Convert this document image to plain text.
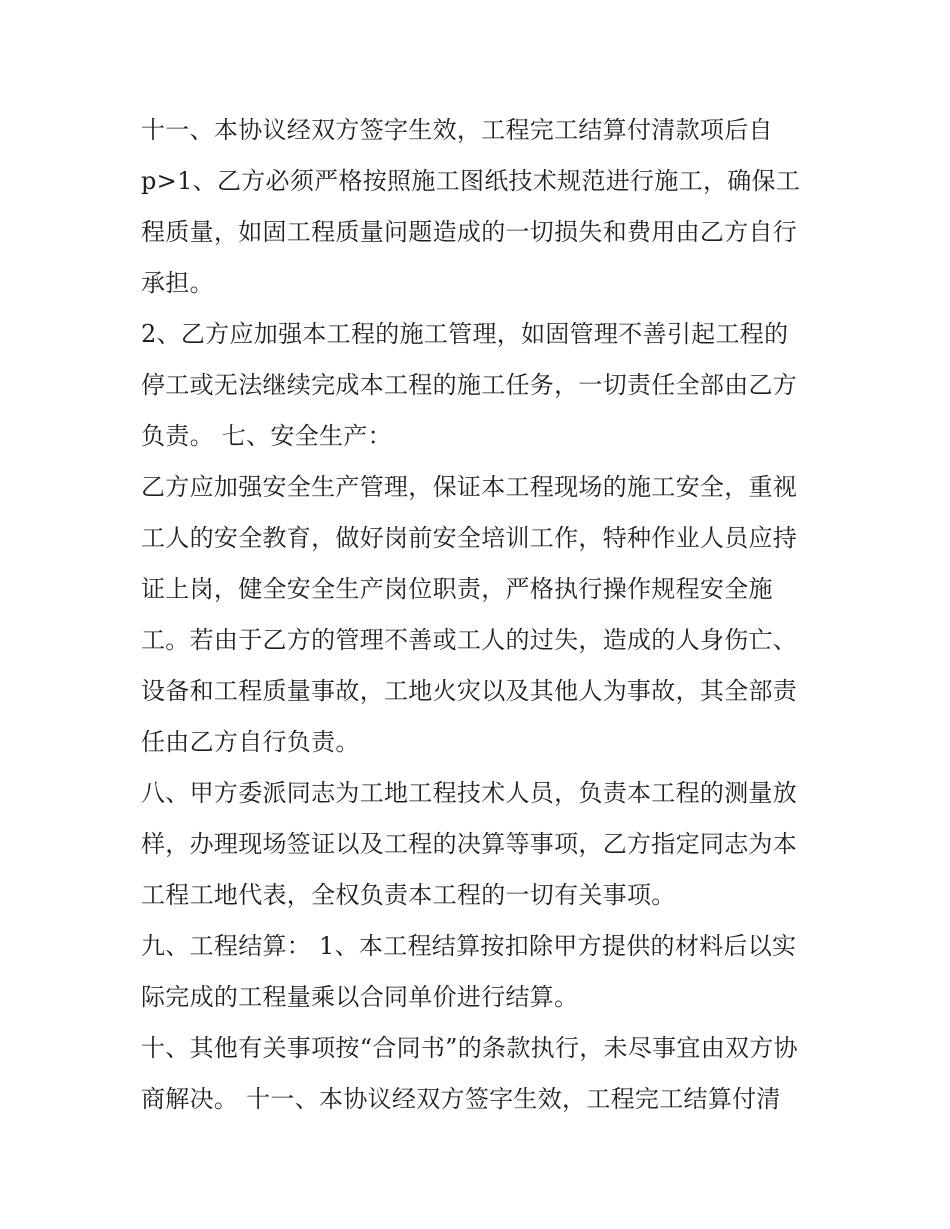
十一、本协议经双方签字生效，工程完工结算付清款项后自
p>1、乙方必须严格按照施工图纸技术规范进行施工，确保工
程质量，如固工程质量问题造成的一切损失和费用由乙方自行
承担。
2、乙方应加强本工程的施工管理，如固管理不善引起工程的
停工或无法继续完成本工程的施工任务，一切责任全部由乙方
负责。 七、安全生产：
乙方应加强安全生产管理，保证本工程现场的施工安全，重视
工人的安全教育，做好岗前安全培训工作，特种作业人员应持
证上岗，健全安全生产岗位职责，严格执行操作规程安全施
工。若由于乙方的管理不善或工人的过失，造成的人身伤亡、
设备和工程质量事故，工地火灾以及其他人为事故，其全部责
任由乙方自行负责。
八、甲方委派同志为工地工程技术人员，负责本工程的测量放
样，办理现场签证以及工程的决算等事项，乙方指定同志为本
工程工地代表，全权负责本工程的一切有关事项。
九、工程结算： 1、本工程结算按扣除甲方提供的材料后以实
际完成的工程量乘以合同单价进行结算。
十、其他有关事项按“合同书”的条款执行，未尽事宜由双方协
商解决。 十一、本协议经双方签字生效，工程完工结算付清
